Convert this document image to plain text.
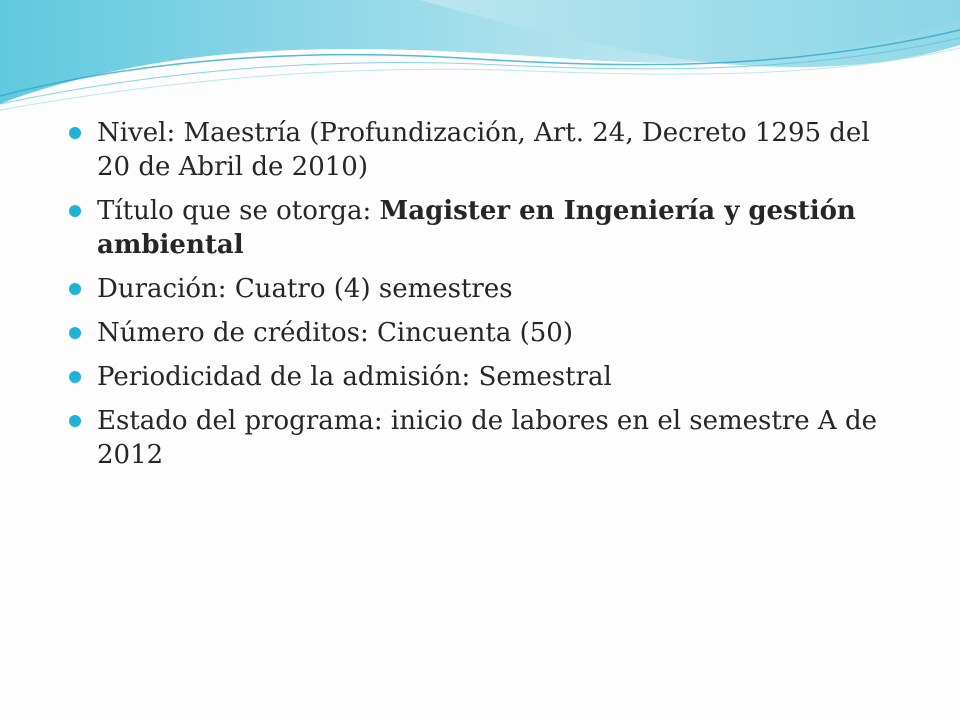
Nivel: Maestría (Profundización, Art. 24, Decreto 1295 del 20 de Abril de 2010)
Título que se otorga: Magister en Ingeniería y gestión ambiental
Duración: Cuatro (4) semestres
Número de créditos: Cincuenta (50)
Periodicidad de la admisión: Semestral
Estado del programa: inicio de labores en el semestre A de 2012
